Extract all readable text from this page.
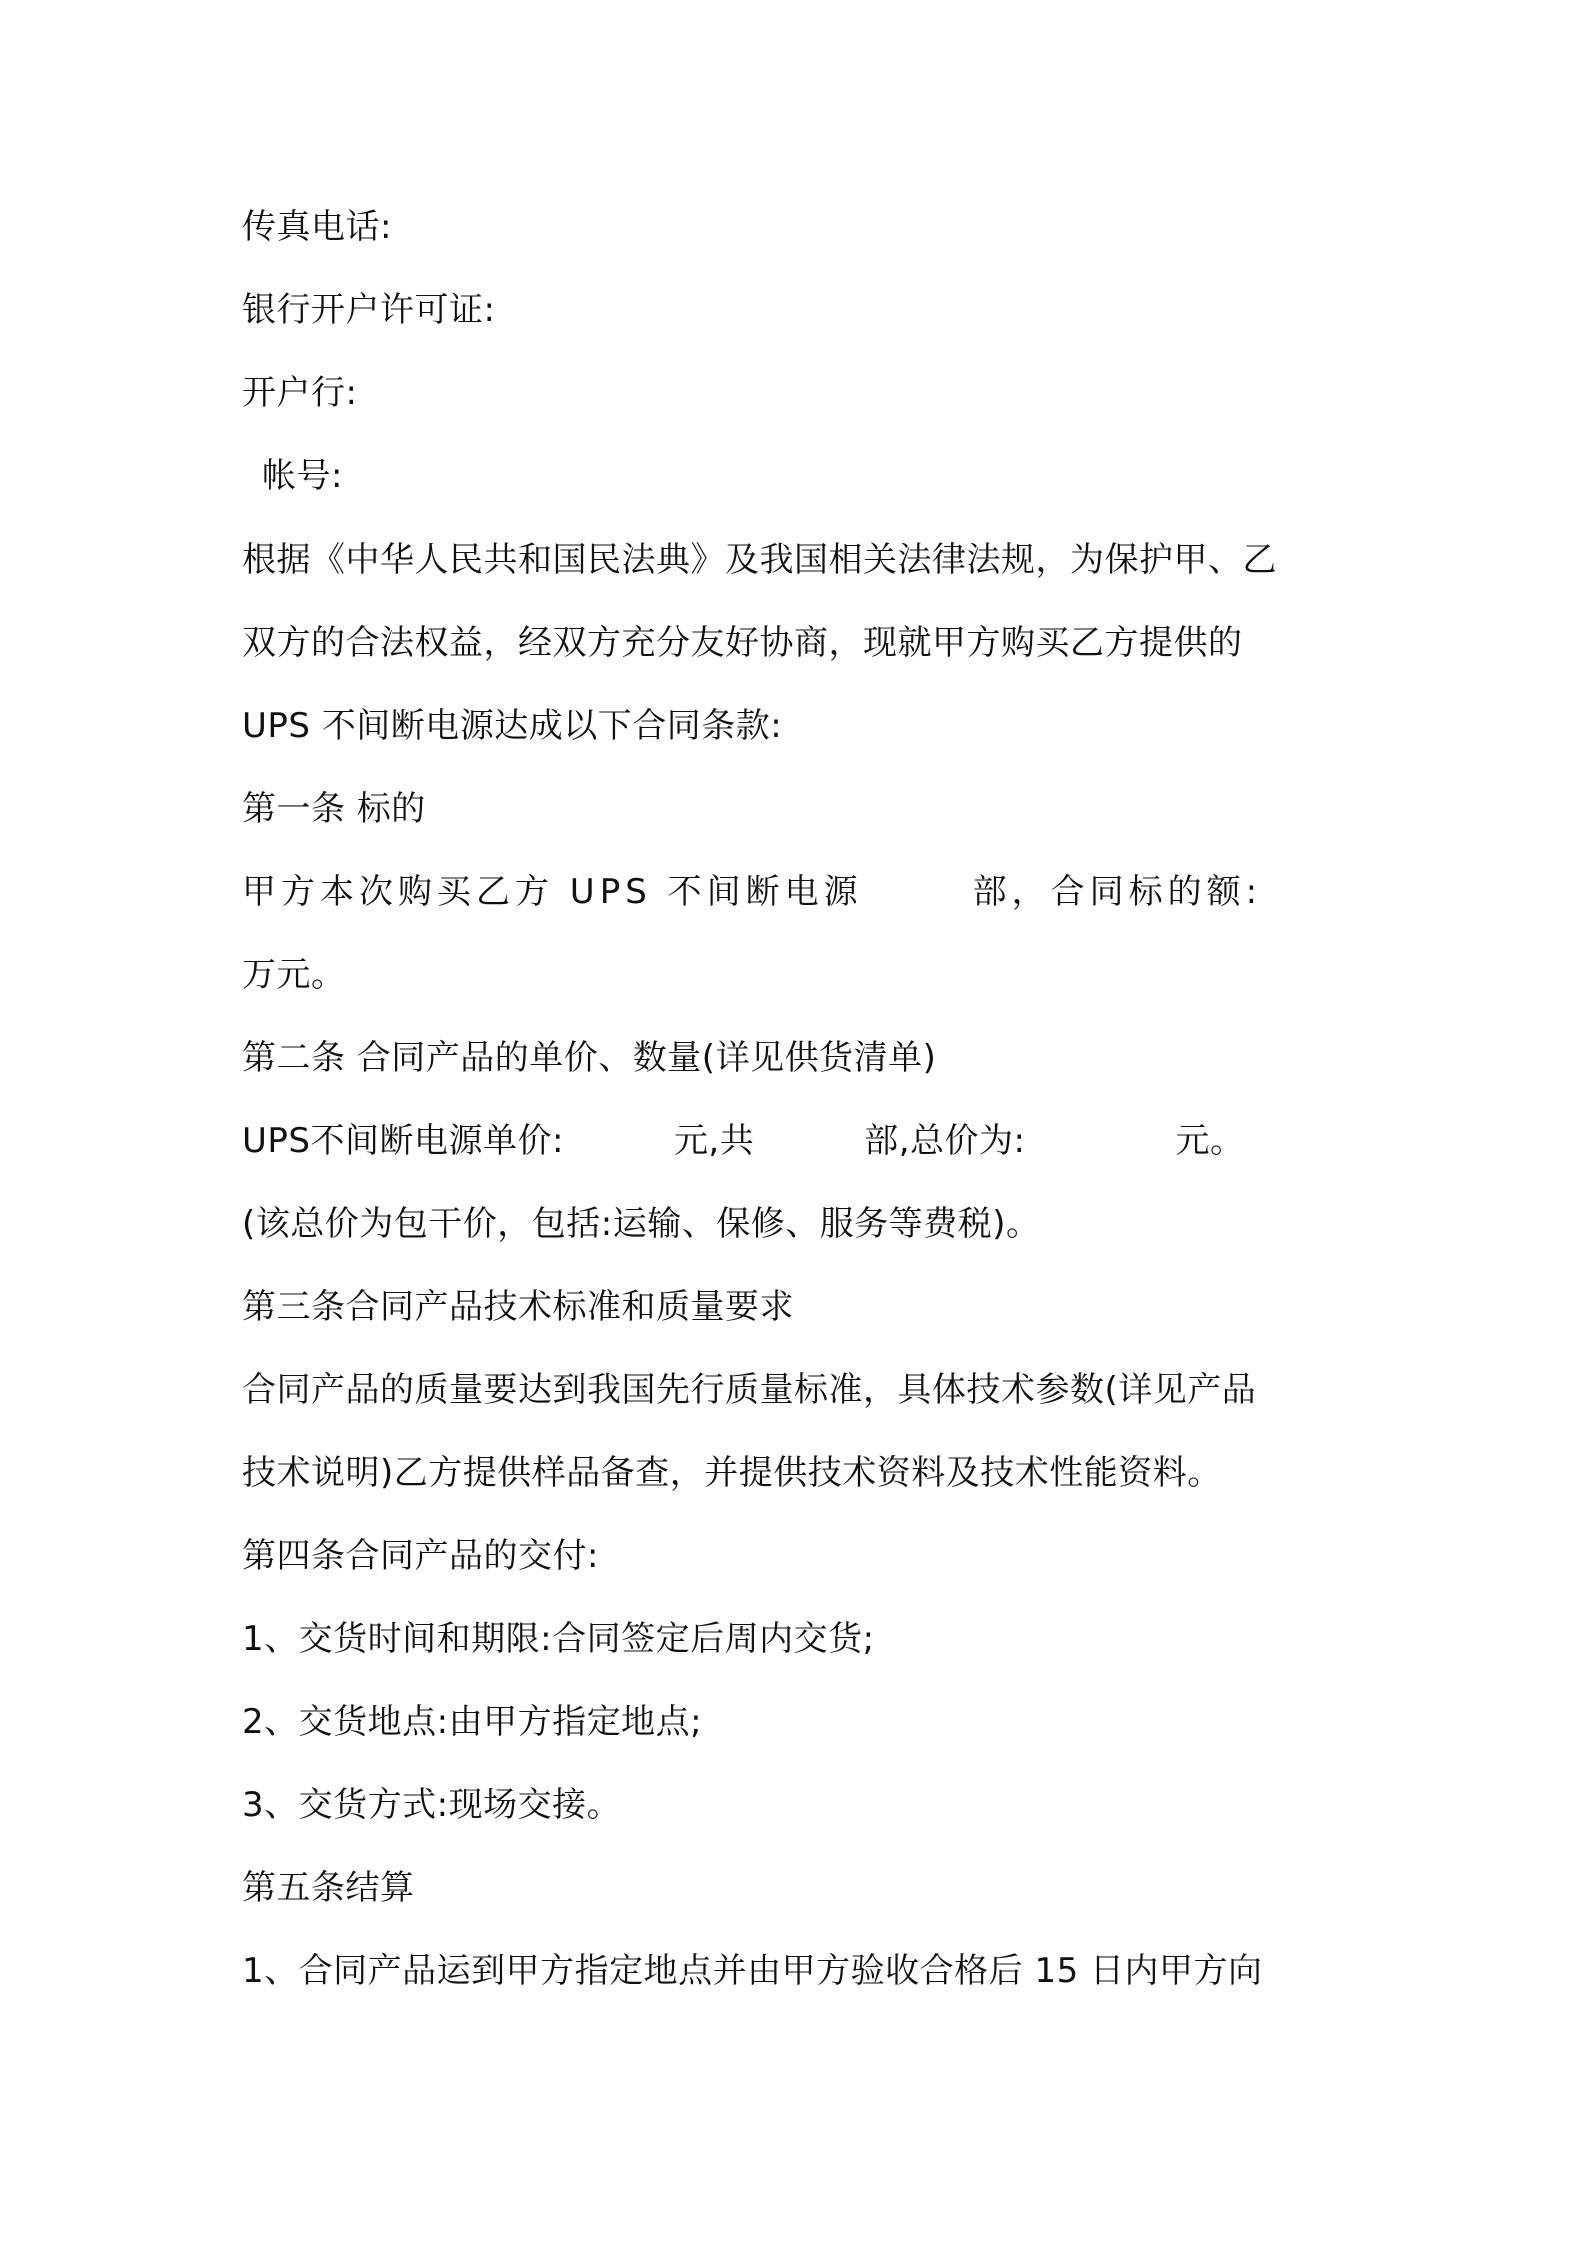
传真电话:
银行开户许可证:
开户行:
帐号:
根据《中华人民共和国民法典》及我国相关法律法规，为保护甲、乙
双方的合法权益，经双方充分友好协商，现就甲方购买乙方提供的
UPS 不间断电源达成以下合同条款:
第一条 标的
甲方本次购买乙方 UPS 不间断电源	部，合同标的额:
万元。
第二条 合同产品的单价、数量(详见供货清单)
UPS不间断电源单价:	元,共	部,总价为:	元。
(该总价为包干价，包括:运输、保修、服务等费税)。
第三条合同产品技术标准和质量要求
合同产品的质量要达到我国先行质量标准，具体技术参数(详见产品
技术说明)乙方提供样品备查，并提供技术资料及技术性能资料。
第四条合同产品的交付:
1、交货时间和期限:合同签定后周内交货;
2、交货地点:由甲方指定地点;
3、交货方式:现场交接。
第五条结算
1、合同产品运到甲方指定地点并由甲方验收合格后 15 日内甲方向
